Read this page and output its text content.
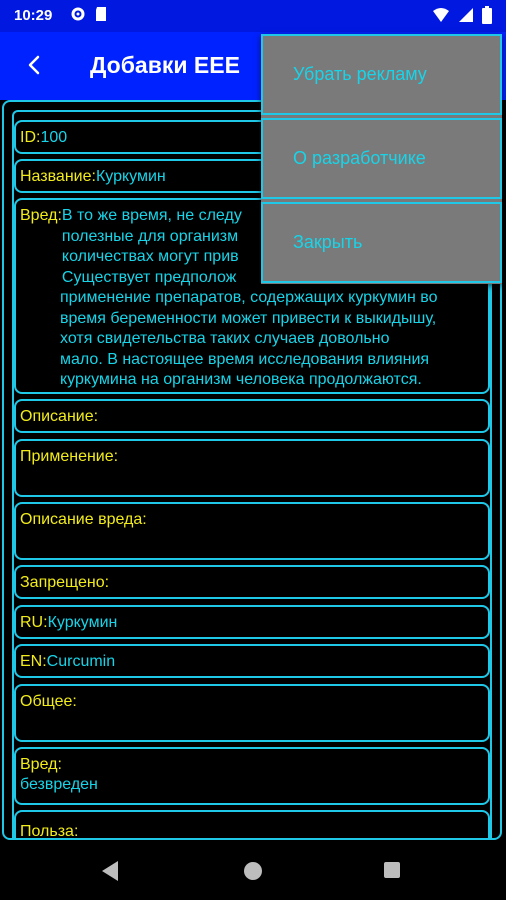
10:29
Добавки ЕЕЕ
ID:100
Название:Куркумин
Вред: В то же время, не следу
полезные для организм
количествах могут прив
Существует предполож
применение препаратов, содержащих куркумин во
время беременности может привести к выкидышу,
хотя свидетельства таких случаев довольно
мало. В настоящее время исследования влияния
куркумина на организм человека продолжаются.
Описание:
Применение:
Описание вреда:
Запрещено:
RU:Куркумин
EN:Curcumin
Общее:
Вред:
безвреден
Польза:
Убрать рекламу
О разработчике
Закрыть
